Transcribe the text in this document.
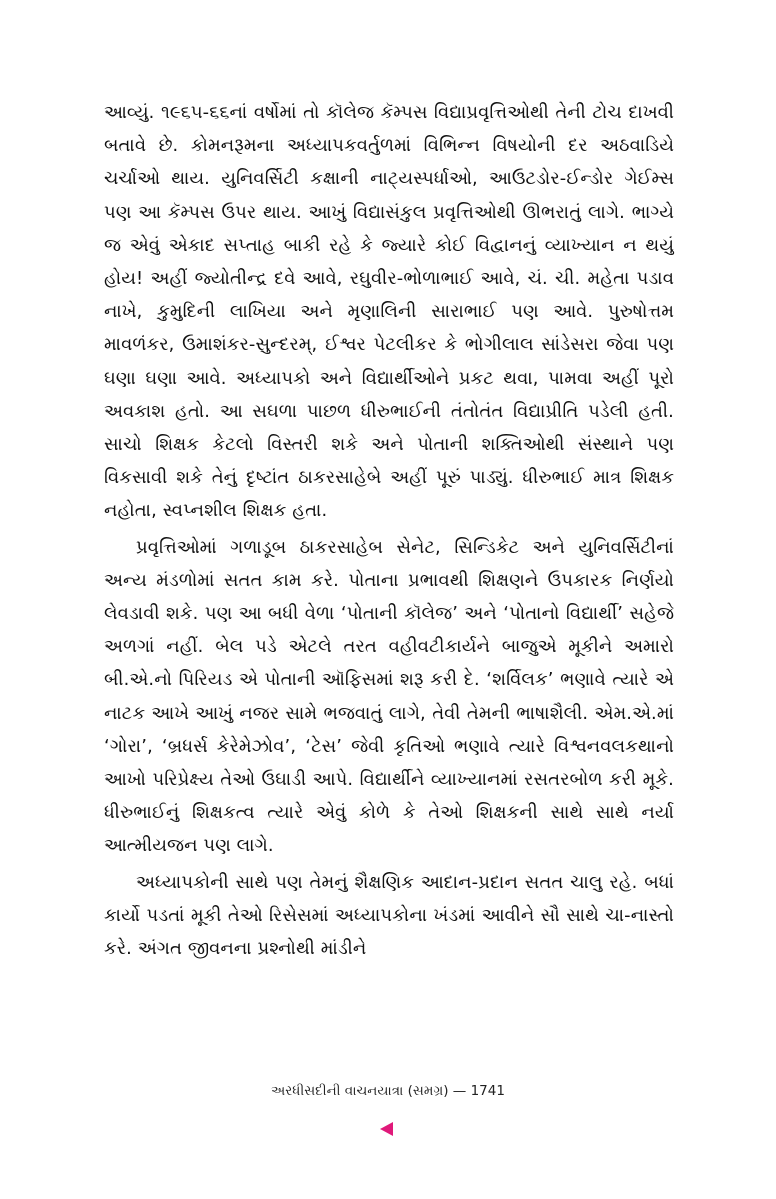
આવ્યું. ૧૯૬૫-૬૬નાં વર્ષોમાં તો કૉલેજ કૅમ્પસ વિદ્યાપ્રવૃત્તિઓથી તેની ટોચ દાખવી બતાવે છે. કોમનરૂમના અધ્યાપકવર્તુળમાં વિભિન્ન વિષયોની દર અઠવાડિયે ચર્ચાઓ થાય. યુનિવર્સિટી કક્ષાની નાટ્યસ્પર્ધાઓ, આઉટડોર-ઈન્ડોર ગેઈમ્સ પણ આ કૅમ્પસ ઉપર થાય. આખું વિદ્યાસંકુલ પ્રવૃત્તિઓથી ઊભરાતું લાગે. ભાગ્યે જ એવું એકાદ સપ્તાહ બાકી રહે કે જ્યારે કોઈ વિદ્વાનનું વ્યાખ્યાન ન થયું હોય! અહીં જ્યોતીન્દ્ર દવે આવે, રઘુવીર-ભોળાભાઈ આવે, ચં. ચી. મહેતા પડાવ નાખે, કુમુદિની લાખિયા અને મૃણાલિની સારાભાઈ પણ આવે. પુરુષોત્તમ માવળંકર, ઉમાશંકર-સુન્દરમ્, ઈશ્વર પેટલીકર કે ભોગીલાલ સાંડેસરા જેવા પણ ઘણા ઘણા આવે. અધ્યાપકો અને વિદ્યાર્થીઓને પ્રકટ થવા, પામવા અહીં પૂરો અવકાશ હતો. આ સઘળા પાછળ ધીરુભાઈની તંતોતંત વિદ્યાપ્રીતિ પડેલી હતી. સાચો શિક્ષક કેટલો વિસ્તરી શકે અને પોતાની શક્તિઓથી સંસ્થાને પણ વિકસાવી શકે તેનું દૃષ્ટાંત ઠાકરસાહેબે અહીં પૂરું પાડ્યું. ધીરુભાઈ માત્ર શિક્ષક નહોતા, સ્વપ્નશીલ શિક્ષક હતા.

પ્રવૃત્તિઓમાં ગળાડૂબ ઠાકરસાહેબ સેનેટ, સિન્ડિકેટ અને યુનિવર્સિટીનાં અન્ય મંડળોમાં સતત કામ કરે. પોતાના પ્રભાવથી શિક્ષણને ઉપકારક નિર્ણયો લેવડાવી શકે. પણ આ બધી વેળા ‘પોતાની કૉલેજ’ અને ‘પોતાનો વિદ્યાર્થી’ સહેજે અળગાં નહીં. બેલ પડે એટલે તરત વહીવટીકાર્યને બાજુએ મૂકીને અમારો બી.એ.નો પિરિયડ એ પોતાની ઑફિસમાં શરૂ કરી દે. ‘શર્વિલક’ ભણાવે ત્યારે એ નાટક આખે આખું નજર સામે ભજવાતું લાગે, તેવી તેમની ભાષાશૈલી. એમ.એ.માં ‘ગોરા’, ‘બ્રધર્સ કેરેમેઝોવ’, ‘ટેસ’ જેવી કૃતિઓ ભણાવે ત્યારે વિશ્વનવલકથાનો આખો પરિપ્રેક્ષ્ય તેઓ ઉઘાડી આપે. વિદ્યાર્થીને વ્યાખ્યાનમાં રસતરબોળ કરી મૂકે. ધીરુભાઈનું શિક્ષકત્વ ત્યારે એવું કોળે કે તેઓ શિક્ષકની સાથે સાથે નર્યા આત્મીયજન પણ લાગે.

અધ્યાપકોની સાથે પણ તેમનું શૈક્ષણિક આદાન-પ્રદાન સતત ચાલુ રહે. બધાં કાર્યો પડતાં મૂકી તેઓ રિસેસમાં અધ્યાપકોના ખંડમાં આવીને સૌ સાથે ચા-નાસ્તો કરે. અંગત જીવનના પ્રશ્નોથી માંડીને

અરધીસદીની વાચનયાત્રા (સમગ્ર) — 1741
